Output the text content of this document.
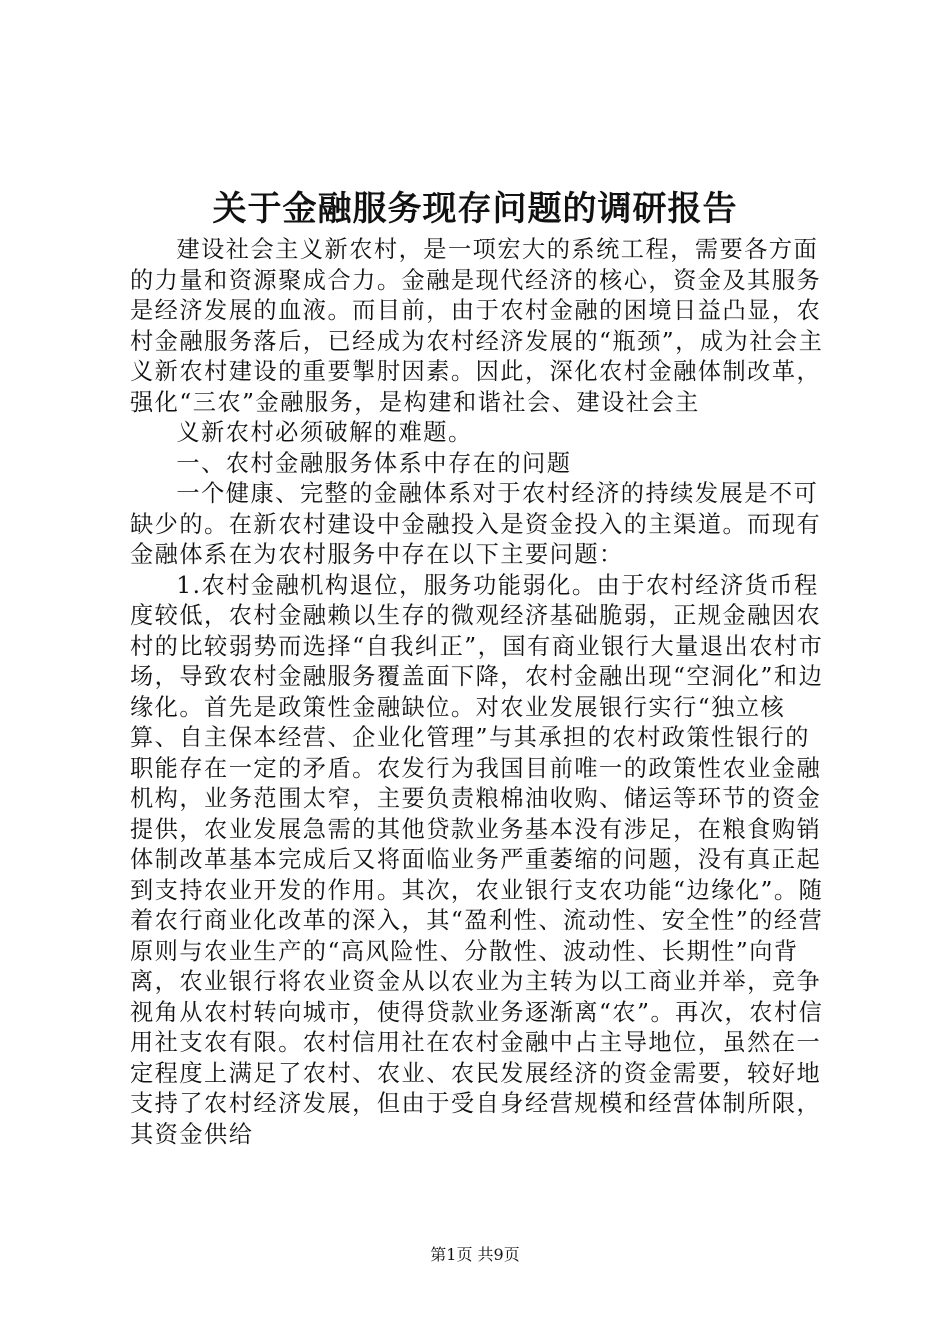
关于金融服务现存问题的调研报告

建设社会主义新农村，是一项宏大的系统工程，需要各方面的力量和资源聚成合力。金融是现代经济的核心，资金及其服务是经济发展的血液。而目前，由于农村金融的困境日益凸显，农村金融服务落后，已经成为农村经济发展的“瓶颈”，成为社会主义新农村建设的重要掣肘因素。因此，深化农村金融体制改革，强化“三农”金融服务，是构建和谐社会、建设社会主

义新农村必须破解的难题。

一、农村金融服务体系中存在的问题

一个健康、完整的金融体系对于农村经济的持续发展是不可缺少的。在新农村建设中金融投入是资金投入的主渠道。而现有金融体系在为农村服务中存在以下主要问题：

1.农村金融机构退位，服务功能弱化。由于农村经济货币程度较低，农村金融赖以生存的微观经济基础脆弱，正规金融因农村的比较弱势而选择“自我纠正”，国有商业银行大量退出农村市场，导致农村金融服务覆盖面下降，农村金融出现“空洞化”和边缘化。首先是政策性金融缺位。对农业发展银行实行“独立核算、自主保本经营、企业化管理”与其承担的农村政策性银行的职能存在一定的矛盾。农发行为我国目前唯一的政策性农业金融机构，业务范围太窄，主要负责粮棉油收购、储运等环节的资金提供，农业发展急需的其他贷款业务基本没有涉足，在粮食购销体制改革基本完成后又将面临业务严重萎缩的问题，没有真正起到支持农业开发的作用。其次，农业银行支农功能“边缘化”。随着农行商业化改革的深入，其“盈利性、流动性、安全性”的经营原则与农业生产的“高风险性、分散性、波动性、长期性”向背离，农业银行将农业资金从以农业为主转为以工商业并举，竞争视角从农村转向城市，使得贷款业务逐渐离“农”。再次，农村信用社支农有限。农村信用社在农村金融中占主导地位，虽然在一定程度上满足了农村、农业、农民发展经济的资金需要，较好地支持了农村经济发展，但由于受自身经营规模和经营体制所限，其资金供给

第1页 共9页
